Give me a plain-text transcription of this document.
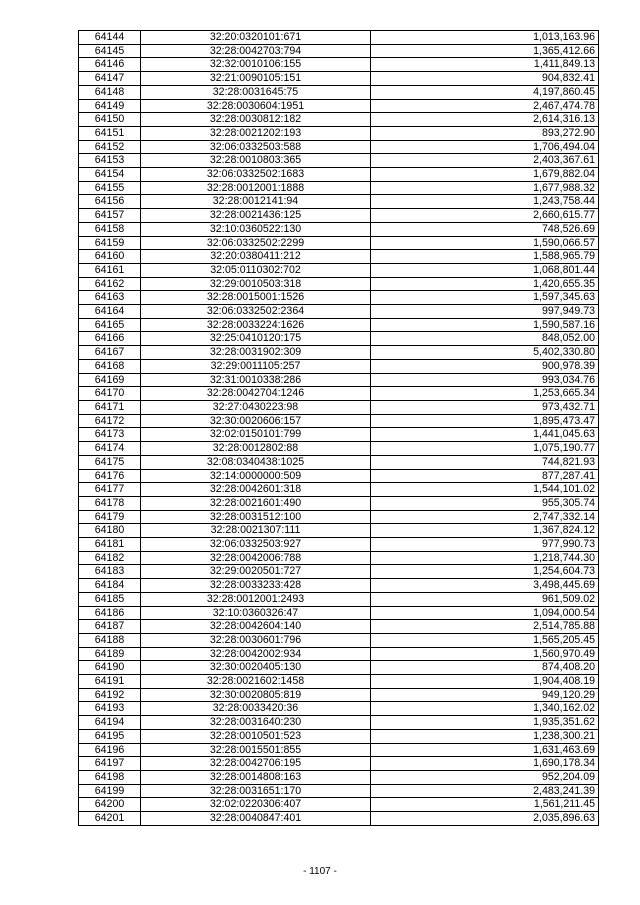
64144	32:20:0320101:671	1,013,163.96
64145	32:28:0042703:794	1,365,412.66
64146	32:32:0010106:155	1,411,849.13
64147	32:21:0090105:151	904,832.41
64148	32:28:0031645:75	4,197,860.45
64149	32:28:0030604:1951	2,467,474.78
64150	32:28:0030812:182	2,614,316.13
64151	32:28:0021202:193	893,272.90
64152	32:06:0332503:588	1,706,494.04
64153	32:28:0010803:365	2,403,367.61
64154	32:06:0332502:1683	1,679,882.04
64155	32:28:0012001:1888	1,677,988.32
64156	32:28:0012141:94	1,243,758.44
64157	32:28:0021436:125	2,660,615.77
64158	32:10:0360522:130	748,526.69
64159	32:06:0332502:2299	1,590,066.57
64160	32:20:0380411:212	1,588,965.79
64161	32:05:0110302:702	1,068,801.44
64162	32:29:0010503:318	1,420,655.35
64163	32:28:0015001:1526	1,597,345.63
64164	32:06:0332502:2364	997,949.73
64165	32:28:0033224:1626	1,590,587.16
64166	32:25:0410120:175	848,052.00
64167	32:28:0031902:309	5,402,330.80
64168	32:29:0011105:257	900,978.39
64169	32:31:0010338:286	993,034.76
64170	32:28:0042704:1246	1,253,665.34
64171	32:27:0430223:98	973,432.71
64172	32:30:0020606:157	1,895,473.47
64173	32:02:0150101:799	1,441,045.63
64174	32:28:0012802:88	1,075,190.77
64175	32:08:0340438:1025	744,821.93
64176	32:14:0000000:509	877,287.41
64177	32:28:0042601:318	1,544,101.02
64178	32:28:0021601:490	955,305.74
64179	32:28:0031512:100	2,747,332.14
64180	32:28:0021307:111	1,367,824.12
64181	32:06:0332503:927	977,990.73
64182	32:28:0042006:788	1,218,744.30
64183	32:29:0020501:727	1,254,604.73
64184	32:28:0033233:428	3,498,445.69
64185	32:28:0012001:2493	961,509.02
64186	32:10:0360326:47	1,094,000.54
64187	32:28:0042604:140	2,514,785.88
64188	32:28:0030601:796	1,565,205.45
64189	32:28:0042002:934	1,560,970.49
64190	32:30:0020405:130	874,408.20
64191	32:28:0021602:1458	1,904,408.19
64192	32:30:0020805:819	949,120.29
64193	32:28:0033420:36	1,340,162.02
64194	32:28:0031640:230	1,935,351.62
64195	32:28:0010501:523	1,238,300.21
64196	32:28:0015501:855	1,631,463.69
64197	32:28:0042706:195	1,690,178.34
64198	32:28:0014808:163	952,204.09
64199	32:28:0031651:170	2,483,241.39
64200	32:02:0220306:407	1,561,211.45
64201	32:28:0040847:401	2,035,896.63
- 1107 -
